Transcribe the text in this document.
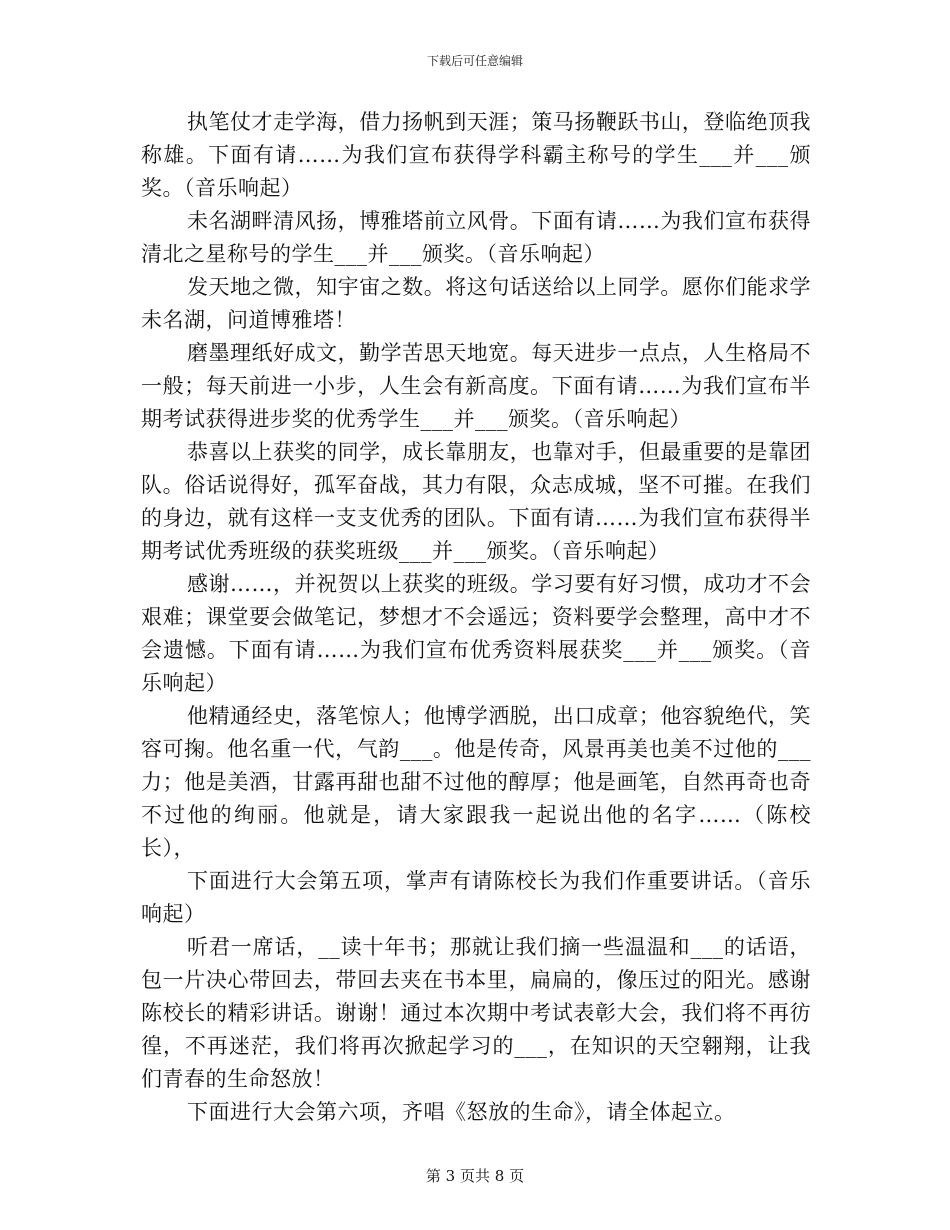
下载后可任意编辑

执笔仗才走学海，借力扬帆到天涯；策马扬鞭跃书山，登临绝顶我称雄。下面有请……为我们宣布获得学科霸主称号的学生___并___颁奖。（音乐响起）

未名湖畔清风扬，博雅塔前立风骨。下面有请……为我们宣布获得清北之星称号的学生___并___颁奖。（音乐响起）

发天地之微，知宇宙之数。将这句话送给以上同学。愿你们能求学未名湖，问道博雅塔！

磨墨理纸好成文，勤学苦思天地宽。每天进步一点点，人生格局不一般；每天前进一小步，人生会有新高度。下面有请……为我们宣布半期考试获得进步奖的优秀学生___并___颁奖。（音乐响起）

恭喜以上获奖的同学，成长靠朋友，也靠对手，但最重要的是靠团队。俗话说得好，孤军奋战，其力有限，众志成城，坚不可摧。在我们的身边，就有这样一支支优秀的团队。下面有请……为我们宣布获得半期考试优秀班级的获奖班级___并___颁奖。（音乐响起）

感谢……，并祝贺以上获奖的班级。学习要有好习惯，成功才不会艰难；课堂要会做笔记，梦想才不会遥远；资料要学会整理，高中才不会遗憾。下面有请……为我们宣布优秀资料展获奖___并___颁奖。（音乐响起）

他精通经史，落笔惊人；他博学洒脱，出口成章；他容貌绝代，笑容可掬。他名重一代，气韵___。他是传奇，风景再美也美不过他的___力；他是美酒，甘露再甜也甜不过他的醇厚；他是画笔，自然再奇也奇不过他的绚丽。他就是，请大家跟我一起说出他的名字……（陈校长），

下面进行大会第五项，掌声有请陈校长为我们作重要讲话。（音乐响起）

听君一席话，__读十年书；那就让我们摘一些温温和___的话语，包一片决心带回去，带回去夹在书本里，扁扁的，像压过的阳光。感谢陈校长的精彩讲话。谢谢！通过本次期中考试表彰大会，我们将不再彷徨，不再迷茫，我们将再次掀起学习的___，在知识的天空翱翔，让我们青春的生命怒放！

下面进行大会第六项，齐唱《怒放的生命》，请全体起立。

第 3 页共 8 页
